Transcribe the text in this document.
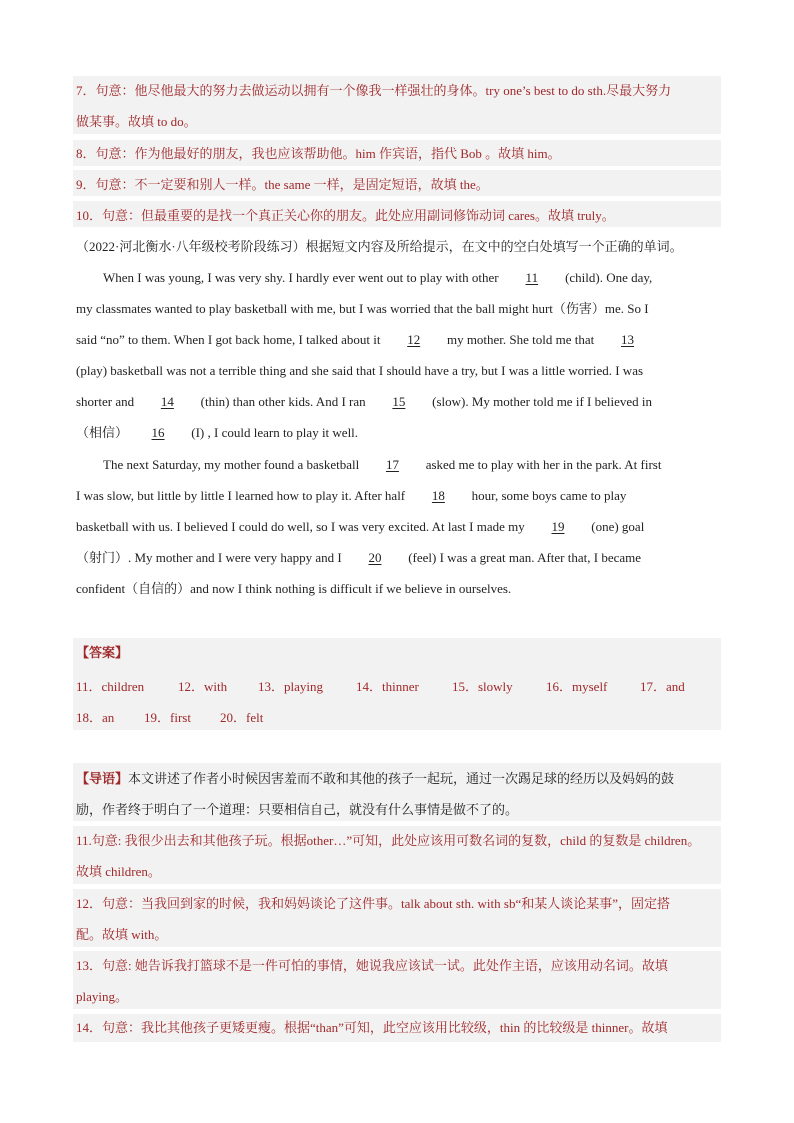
7．句意：他尽他最大的努力去做运动以拥有一个像我一样强壮的身体。try one’s best to do sth.尽最大努力
做某事。故填 to do。
8．句意：作为他最好的朋友，我也应该帮助他。him 作宾语，指代 Bob 。故填 him。
9．句意：不一定要和别人一样。the same 一样，是固定短语，故填 the。
10．句意：但最重要的是找一个真正关心你的朋友。此处应用副词修饰动词 cares。故填 truly。
（2022·河北衡水·八年级校考阶段练习）根据短文内容及所给提示，在文中的空白处填写一个正确的单词。
When I was young, I was very shy. I hardly ever went out to play with other 11 (child). One day,
my classmates wanted to play basketball with me, but I was worried that the ball might hurt（伤害）me. So I
said “no” to them. When I got back home, I talked about it 12 my mother. She told me that 13
(play) basketball was not a terrible thing and she said that I should have a try, but I was a little worried. I was
shorter and 14 (thin) than other kids. And I ran 15 (slow). My mother told me if I believed in
（相信） 16 (I) , I could learn to play it well.
The next Saturday, my mother found a basketball 17 asked me to play with her in the park. At first
I was slow, but little by little I learned how to play it. After half 18 hour, some boys came to play
basketball with us. I believed I could do well, so I was very excited. At last I made my 19 (one) goal
（射门）. My mother and I were very happy and I 20 (feel) I was a great man. After that, I became
confident（自信的）and now I think nothing is difficult if we believe in ourselves.
【答案】
11．children	12．with 13．playing	14．thinner	15．slowly	16．myself	17．and
18．an 19．first 20．felt
【导语】本文讲述了作者小时候因害羞而不敢和其他的孩子一起玩，通过一次踢足球的经历以及妈妈的鼓
励，作者终于明白了一个道理：只要相信自己，就没有什么事情是做不了的。
11.句意: 我很少出去和其他孩子玩。根据other…”可知，此处应该用可数名词的复数，child 的复数是 children。
故填 children。
12．句意：当我回到家的时候，我和妈妈谈论了这件事。talk about sth. with sb“和某人谈论某事”，固定搭
配。故填 with。
13．句意: 她告诉我打篮球不是一件可怕的事情，她说我应该试一试。此处作主语，应该用动名词。故填
playing。
14．句意：我比其他孩子更矮更瘦。根据“than”可知，此空应该用比较级，thin 的比较级是 thinner。故填
